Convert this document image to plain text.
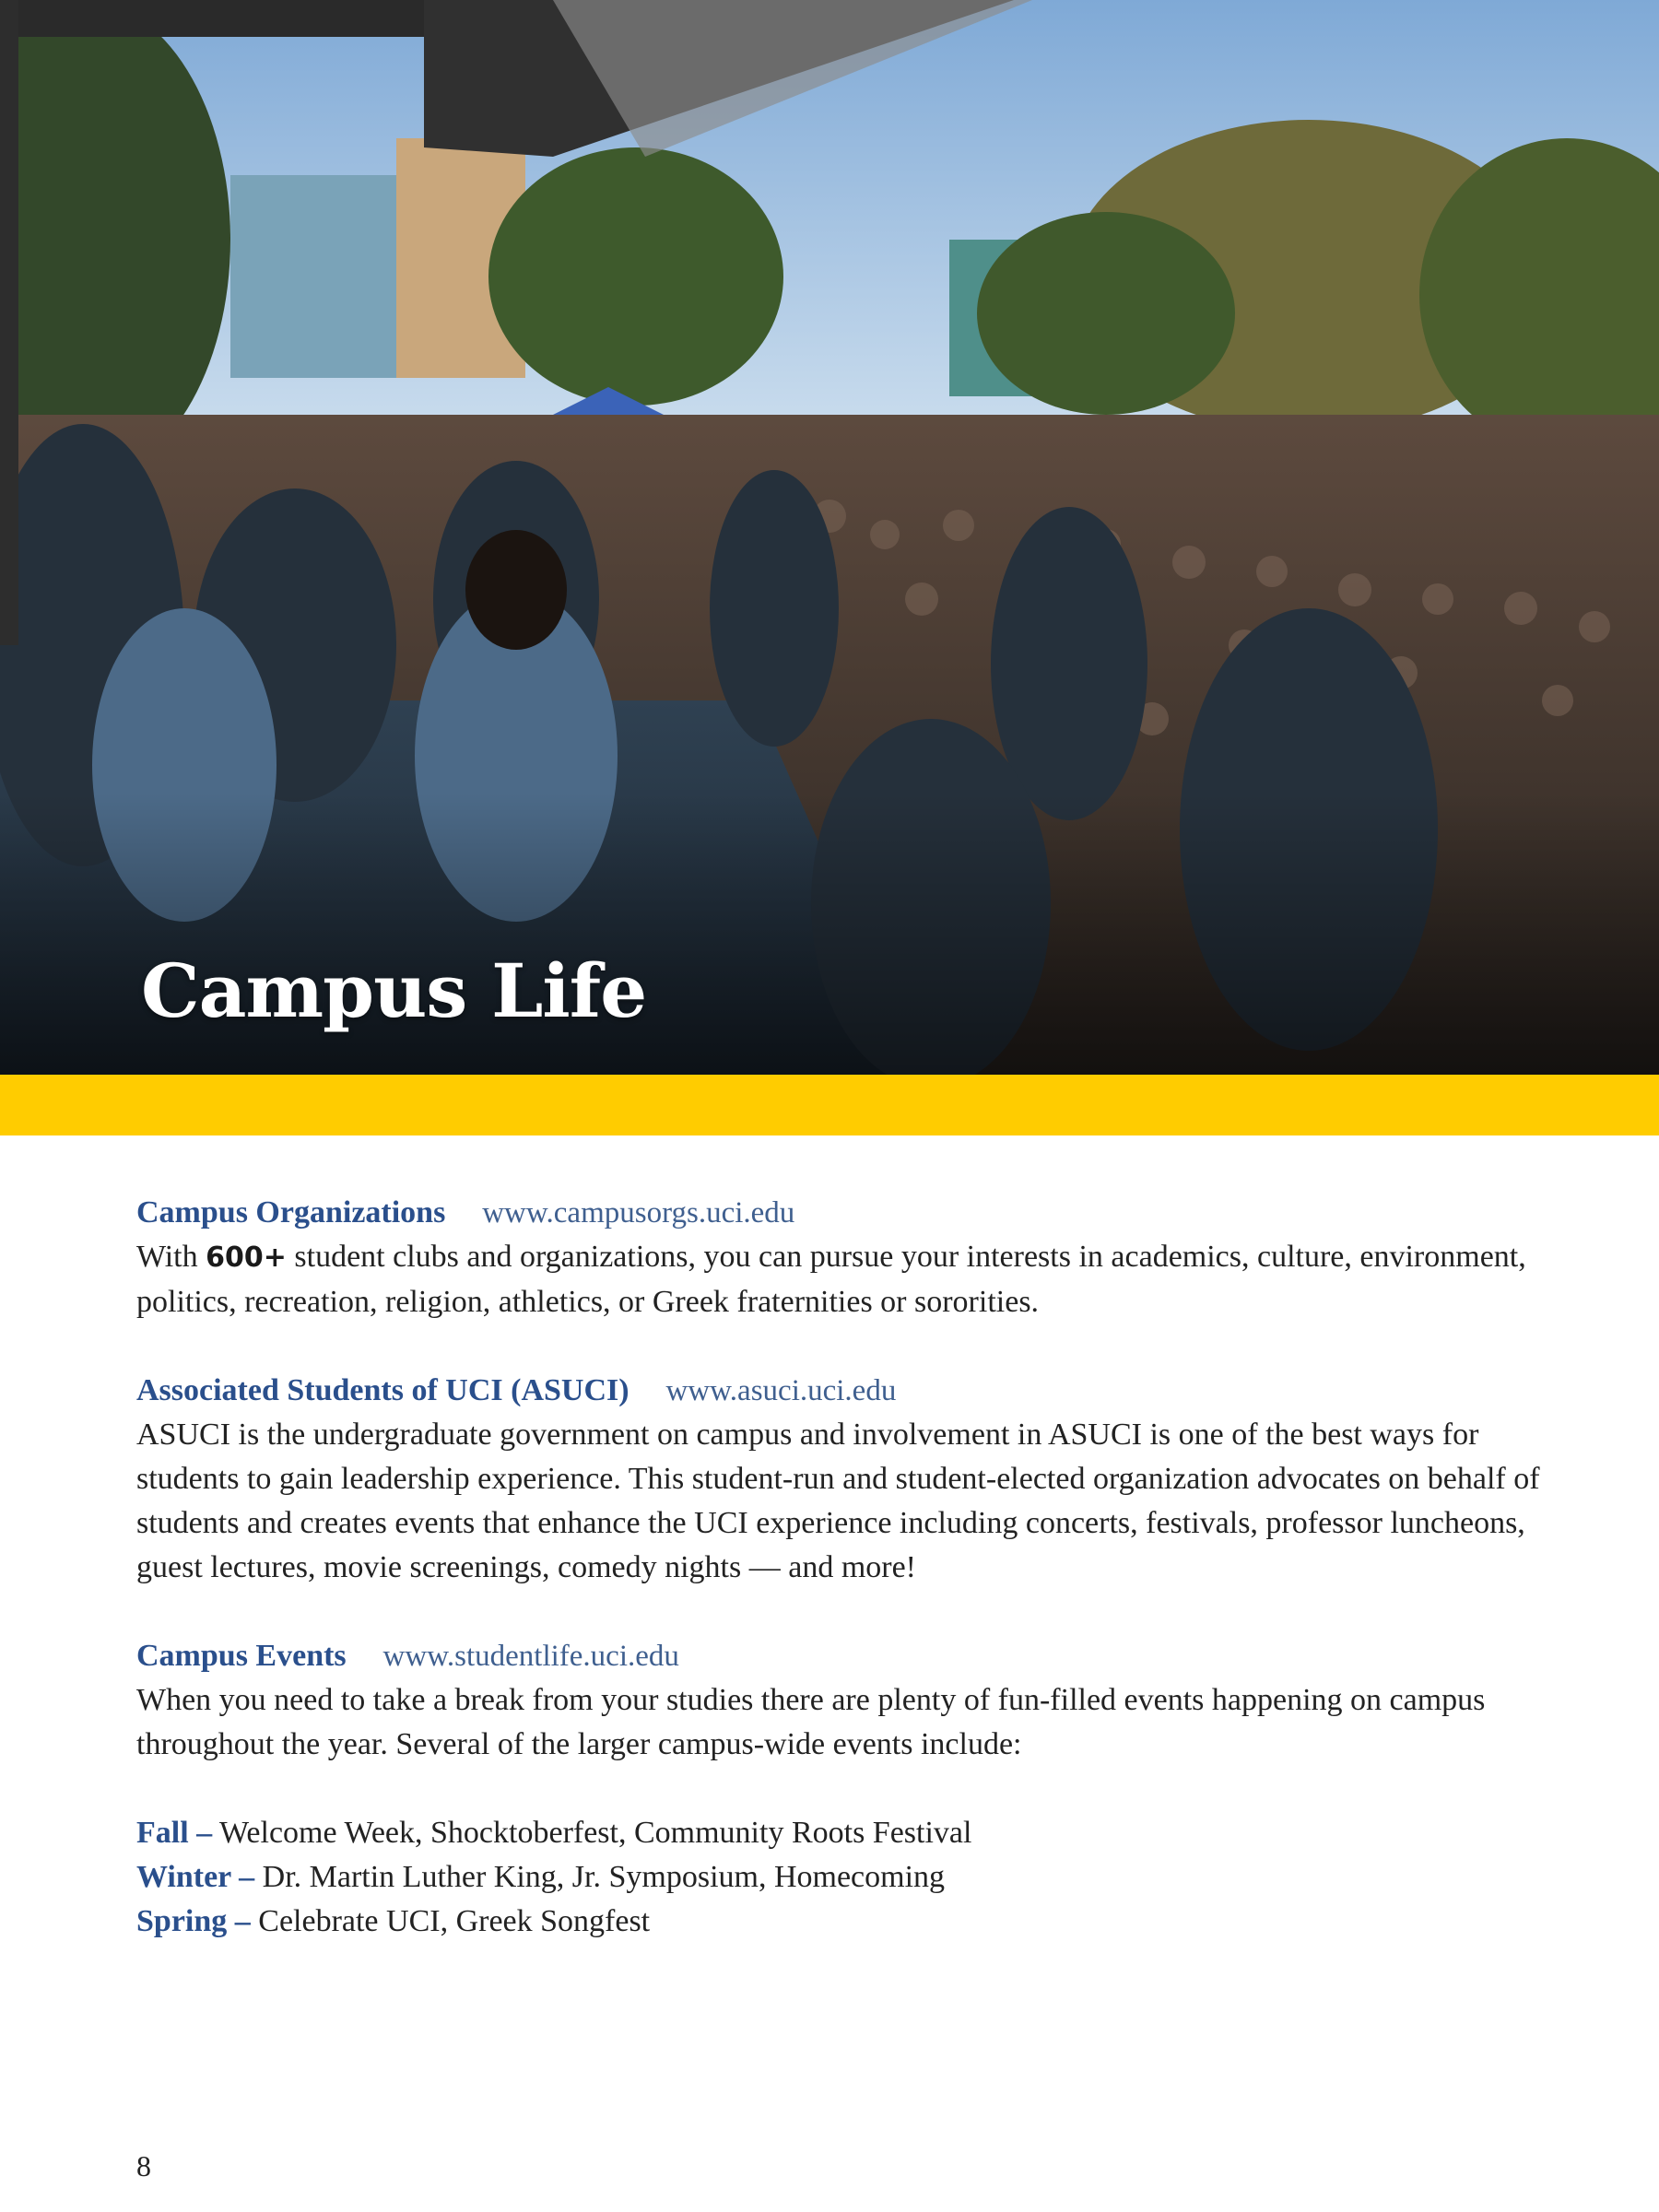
Campus Life
Campus Organizations www.campusorgs.uci.edu

With 600+ student clubs and organizations, you can pursue your interests in academics, culture, environment, politics, recreation, religion, athletics, or Greek fraternities or sororities.

Associated Students of UCI (ASUCI) www.asuci.uci.edu

ASUCI is the undergraduate government on campus and involvement in ASUCI is one of the best ways for students to gain leadership experience. This student-run and student-elected organization advocates on behalf of students and creates events that enhance the UCI experience including concerts, festivals, professor luncheons, guest lectures, movie screenings, comedy nights — and more!

Campus Events www.studentlife.uci.edu

When you need to take a break from your studies there are plenty of fun-filled events happening on campus throughout the year. Several of the larger campus-wide events include:

Fall – Welcome Week, Shocktoberfest, Community Roots Festival
Winter – Dr. Martin Luther King, Jr. Symposium, Homecoming
Spring – Celebrate UCI, Greek Songfest
8
